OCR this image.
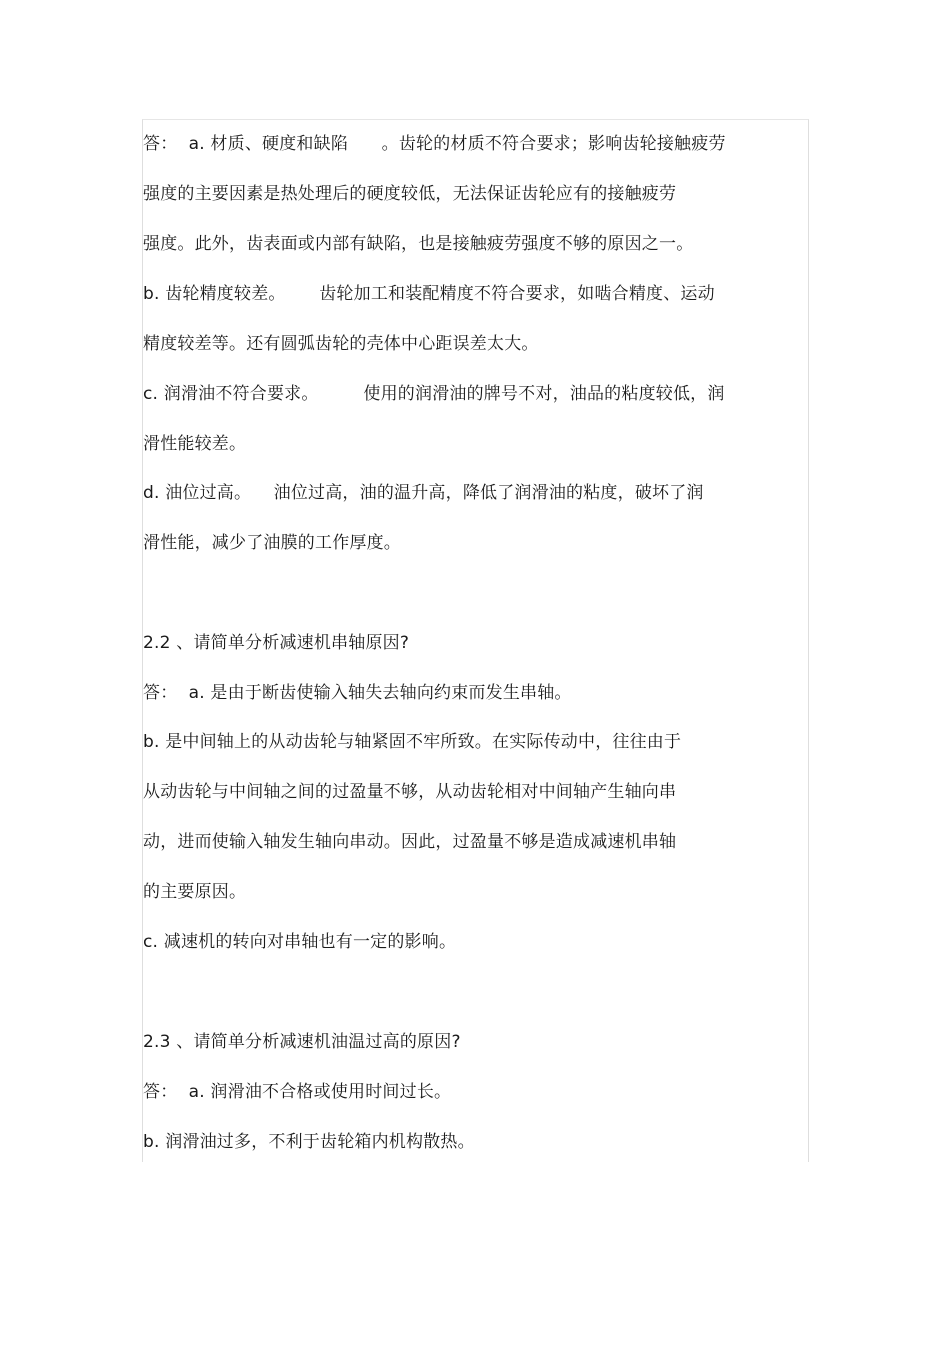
答：  a. 材质、硬度和缺陷      。齿轮的材质不符合要求；影响齿轮接触疲劳
强度的主要因素是热处理后的硬度较低，无法保证齿轮应有的接触疲劳
强度。此外，齿表面或内部有缺陷，也是接触疲劳强度不够的原因之一。
b. 齿轮精度较差。      齿轮加工和装配精度不符合要求，如啮合精度、运动
精度较差等。还有圆弧齿轮的壳体中心距误差太大。
c. 润滑油不符合要求。        使用的润滑油的牌号不对，油品的粘度较低，润
滑性能较差。
d. 油位过高。    油位过高，油的温升高，降低了润滑油的粘度，破坏了润
滑性能，减少了油膜的工作厚度。
2.2 、请简单分析减速机串轴原因?
答：  a. 是由于断齿使输入轴失去轴向约束而发生串轴。
b. 是中间轴上的从动齿轮与轴紧固不牢所致。在实际传动中，往往由于
从动齿轮与中间轴之间的过盈量不够，从动齿轮相对中间轴产生轴向串
动，进而使输入轴发生轴向串动。因此，过盈量不够是造成减速机串轴
的主要原因。
c. 减速机的转向对串轴也有一定的影响。
2.3 、请简单分析减速机油温过高的原因?
答：  a. 润滑油不合格或使用时间过长。
b. 润滑油过多，不利于齿轮箱内机构散热。
